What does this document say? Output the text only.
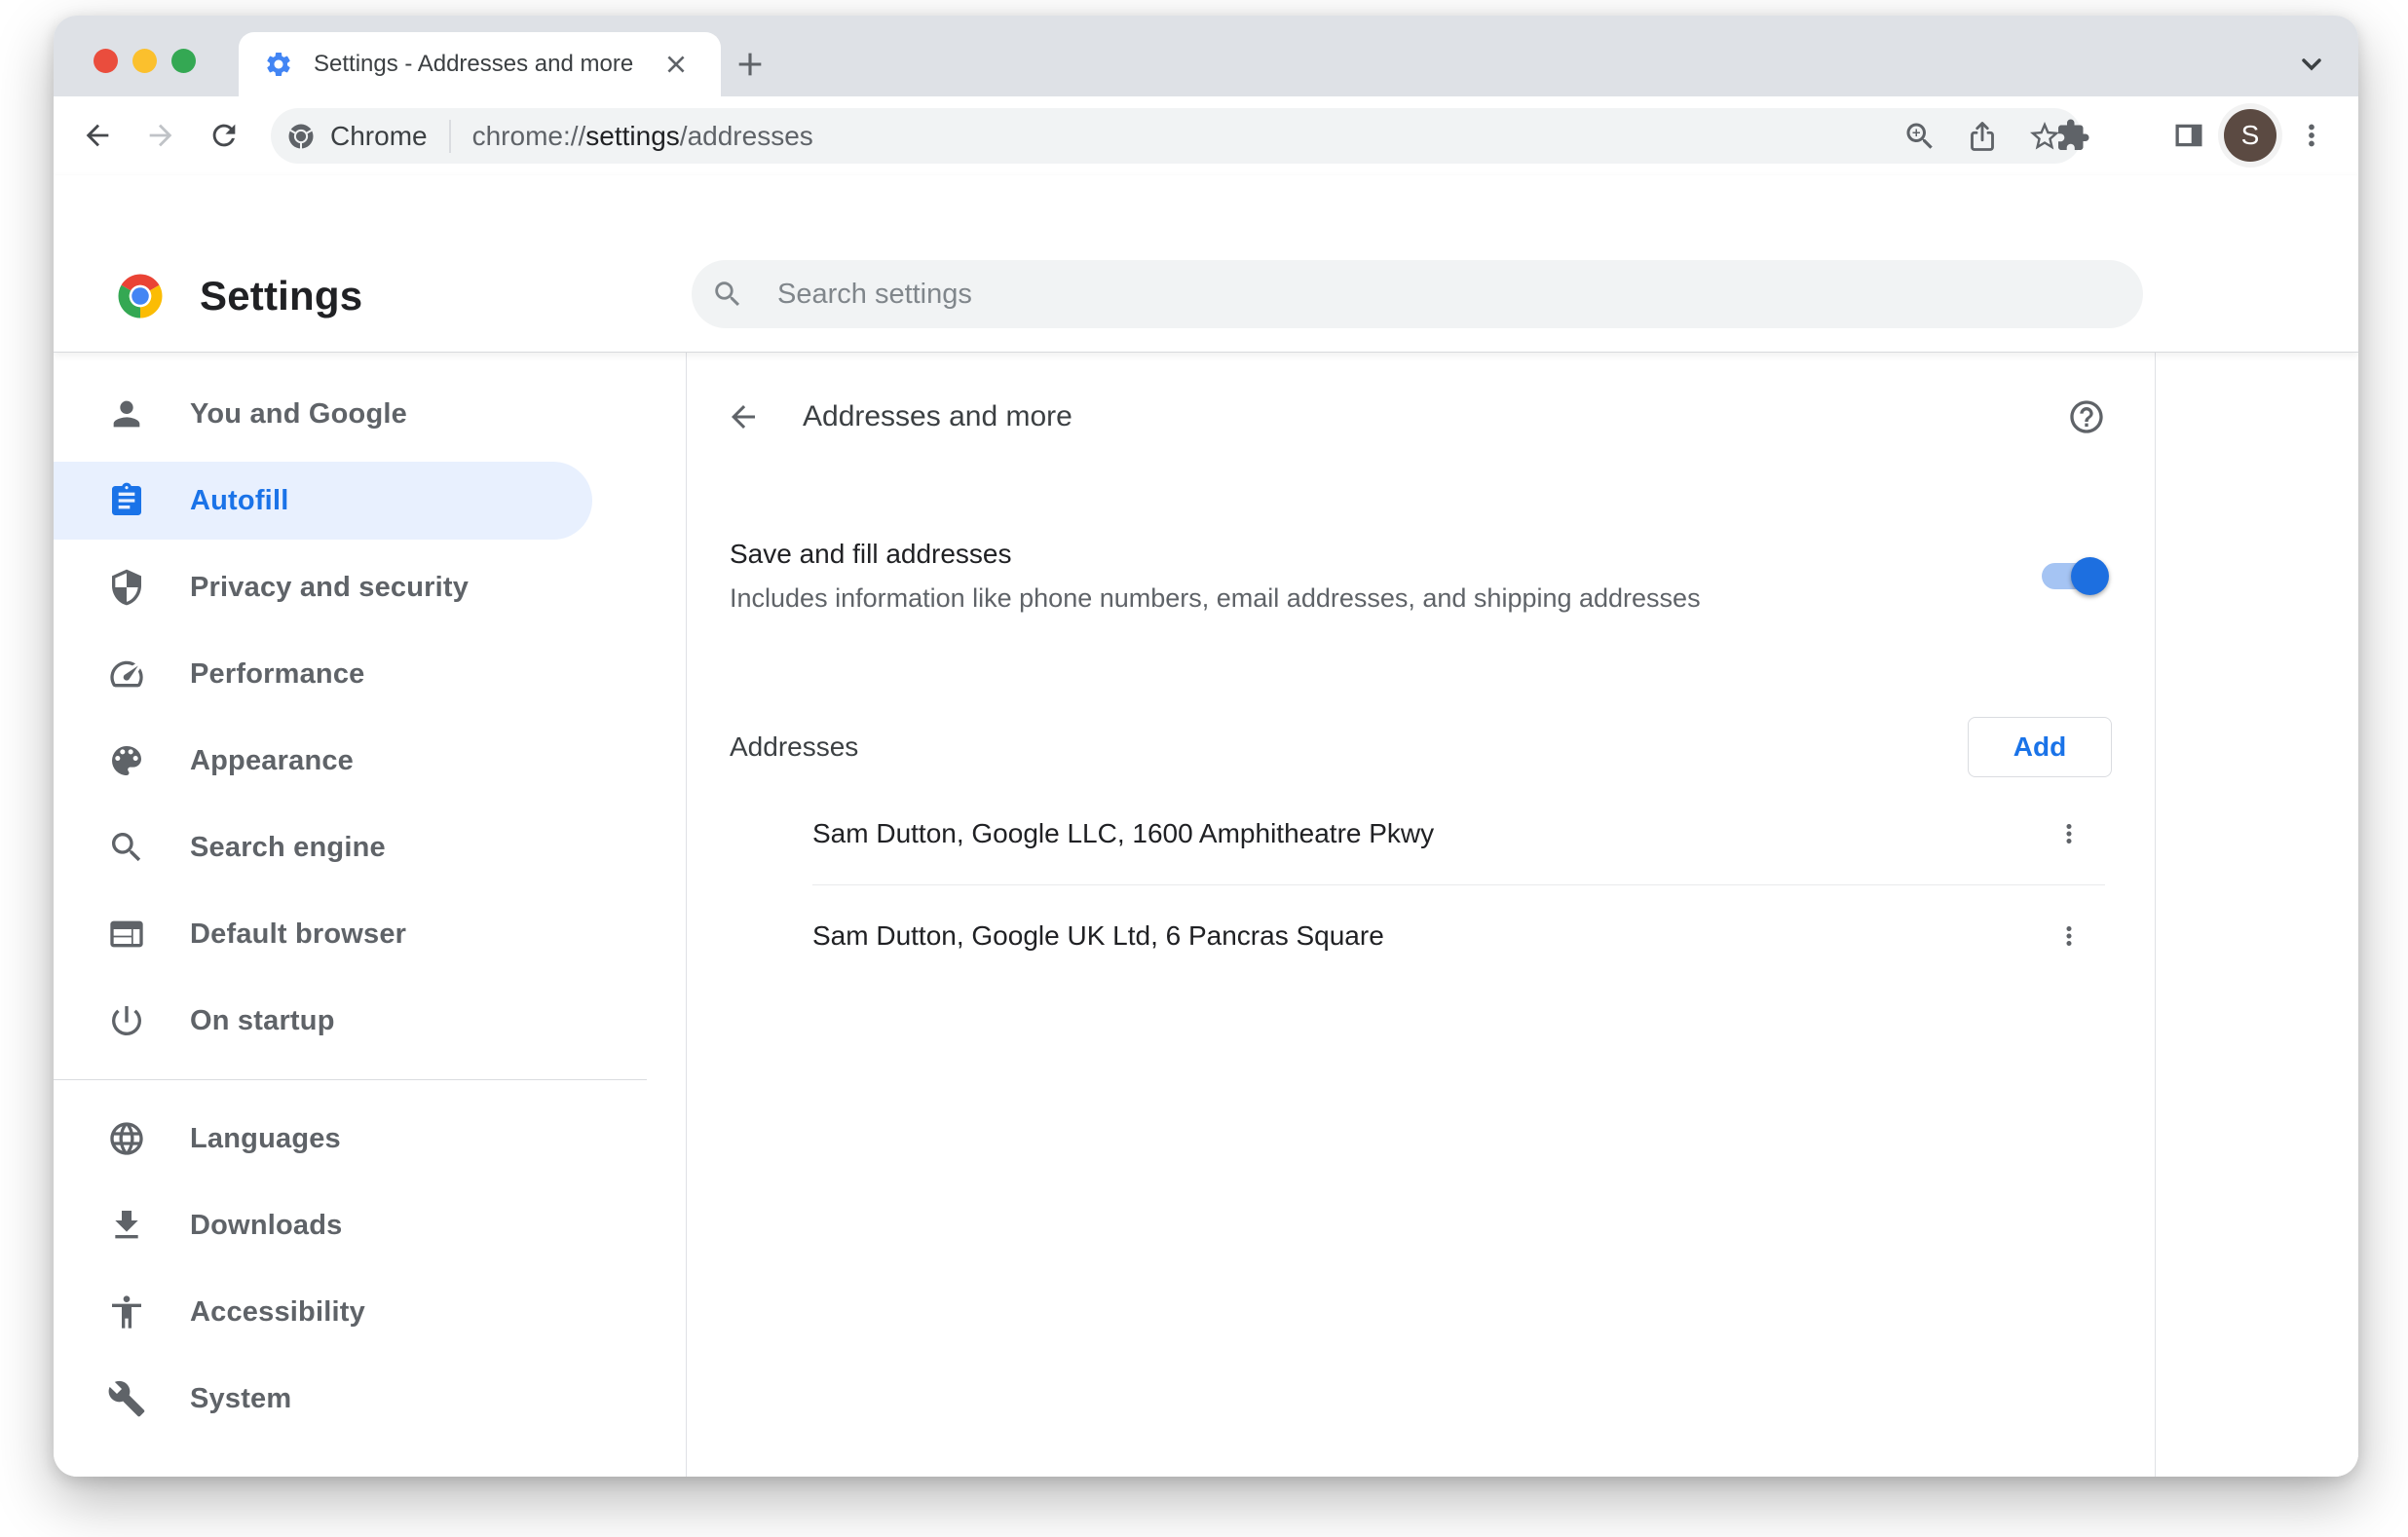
Settings - Addresses and more
Chrome chrome://settings/addresses	S
Settings
Search settings
You and Google
Autofill
Privacy and security
Performance
Appearance
Search engine
Default browser
On startup
Languages
Downloads
Accessibility
System
Addresses and more
Save and fill addresses
Includes information like phone numbers, email addresses, and shipping addresses
Addresses	Add
Sam Dutton, Google LLC, 1600 Amphitheatre Pkwy
Sam Dutton, Google UK Ltd, 6 Pancras Square
